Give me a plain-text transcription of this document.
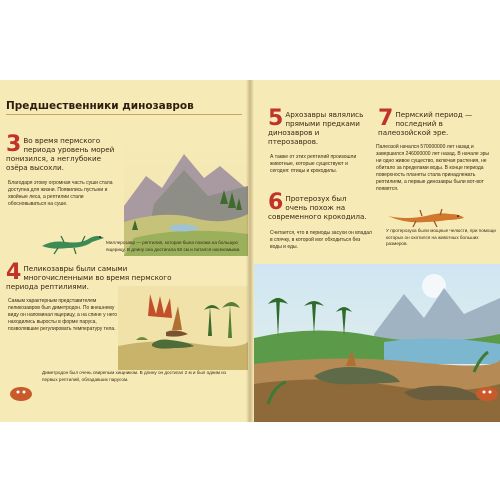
Предшественники динозавров
3 Во время пермского периода уровень морей понизился, а неглубокие озёра высохли.
Благодаря этому огромная часть суши стала доступна для жизни. Появились пустыни и хвойные леса, а рептилии стали обосновываться на суше.
Миллерозавр — рептилия, которая была похожа на большую ящерицу. В длину она достигала 60 см и питался насекомыми.
4 Пеликозавры были самыми многочисленными во время пермского периода рептилиями.
Самым характерным представителем пеликозавров был диметродон. По внешнему виду он напоминал ящерицу, а на спине у него находились выросты в форме паруса, позволявшие регулировать температуру тела.
Диметродон был очень свирепым хищником. В длину он достигал 2 м и был одним из первых рептилий, обладавших парусом.
5 Архозавры являлись прямыми предками динозавров и птерозавров.
А также от этих рептилий произошли животные, которые существуют и сегодня: птицы и крокодилы.
6 Протерозух был очень похож на современного крокодила.
Считается, что в периоды засухи он впадал в спячку, в которой мог обходиться без воды и еды.
7 Пермский период — последний в палеозойской эре.
Палеозой начался 570000000 лет назад и завершился 246000000 лет назад. В начале эры ни одно живое существо, включая растения, не обитало за пределами воды. В конце периода поверхность планеты стала принадлежать рептилиям, а первые динозавры были вот-вот появятся.
У протерозуха были мощные челюсти, при помощи которых он охотился на животных больших размеров.
